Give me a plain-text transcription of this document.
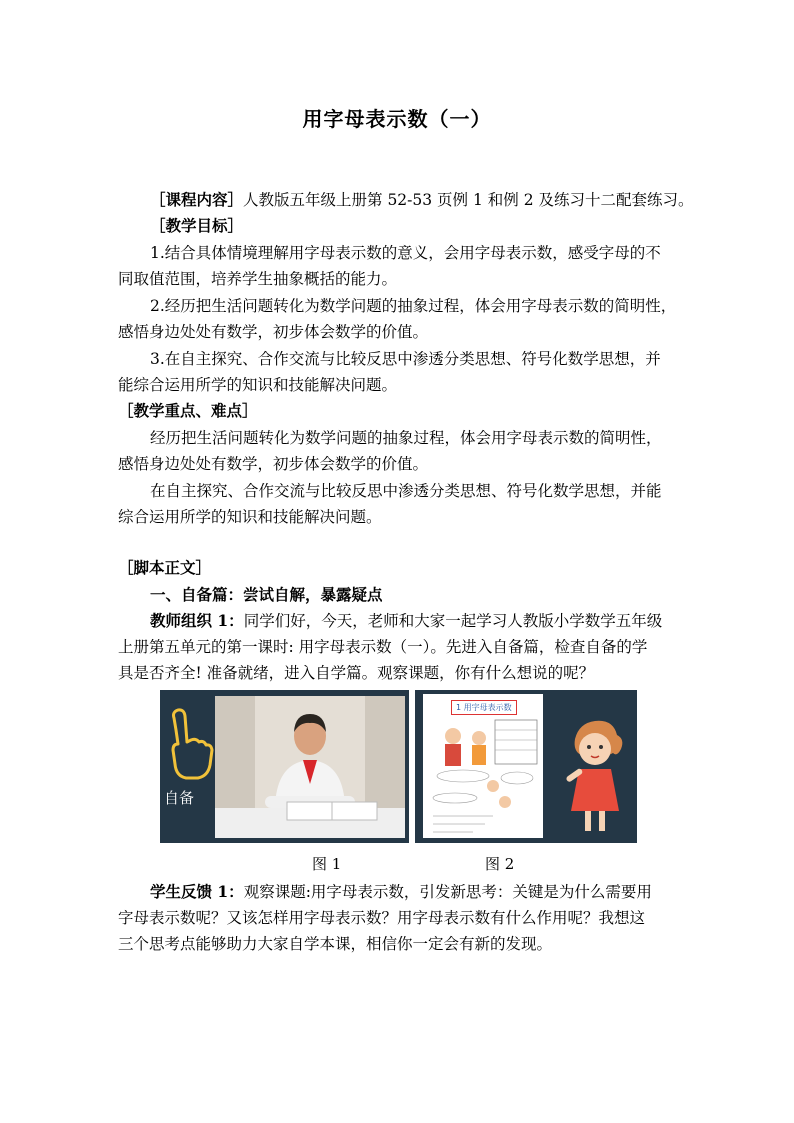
用字母表示数（一）
［课程内容］人教版五年级上册第 52-53 页例 1 和例 2 及练习十二配套练习。
［教学目标］
1.结合具体情境理解用字母表示数的意义，会用字母表示数，感受字母的不
同取值范围，培养学生抽象概括的能力。
2.经历把生活问题转化为数学问题的抽象过程，体会用字母表示数的简明性，
感悟身边处处有数学，初步体会数学的价值。
3.在自主探究、合作交流与比较反思中渗透分类思想、符号化数学思想，并
能综合运用所学的知识和技能解决问题。
［教学重点、难点］
经历把生活问题转化为数学问题的抽象过程，体会用字母表示数的简明性，
感悟身边处处有数学，初步体会数学的价值。
在自主探究、合作交流与比较反思中渗透分类思想、符号化数学思想，并能
综合运用所学的知识和技能解决问题。
［脚本正文］
一、自备篇：尝试自解，暴露疑点
教师组织 1：同学们好，今天，老师和大家一起学习人教版小学数学五年级
上册第五单元的第一课时: 用字母表示数（一）。先进入自备篇，检查自备的学
具是否齐全! 准备就绪，进入自学篇。观察课题，你有什么想说的呢？
自备
图 1
1 用字母表示数
图 2
学生反馈 1：观察课题:用字母表示数，引发新思考：关键是为什么需要用
字母表示数呢？又该怎样用字母表示数？用字母表示数有什么作用呢？我想这
三个思考点能够助力大家自学本课，相信你一定会有新的发现。
